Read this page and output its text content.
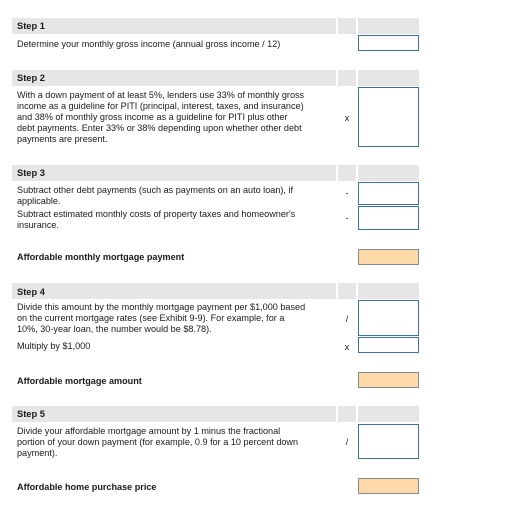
Step 1
Determine your monthly gross income (annual gross income / 12)
Step 2
With a down payment of at least 5%, lenders use 33% of monthly gross
income as a guideline for PITI (principal, interest, taxes, and insurance)
and 38% of monthly gross income as a guideline for PITI plus other
debt payments. Enter 33% or 38% depending upon whether other debt
payments are present.
x
Step 3
Subtract other debt payments (such as payments on an auto loan), if
applicable.
-
Subtract estimated monthly costs of property taxes and homeowner's
insurance.
-
Affordable monthly mortgage payment
Step 4
Divide this amount by the monthly mortgage payment per $1,000 based
on the current mortgage rates (see Exhibit 9-9). For example, for a
10%, 30-year loan, the number would be $8.78).
/
Multiply by $1,000	x
Affordable mortgage amount
Step 5
Divide your affordable mortgage amount by 1 minus the fractional
portion of your down payment (for example, 0.9 for a 10 percent down
payment).
/
Affordable home purchase price
